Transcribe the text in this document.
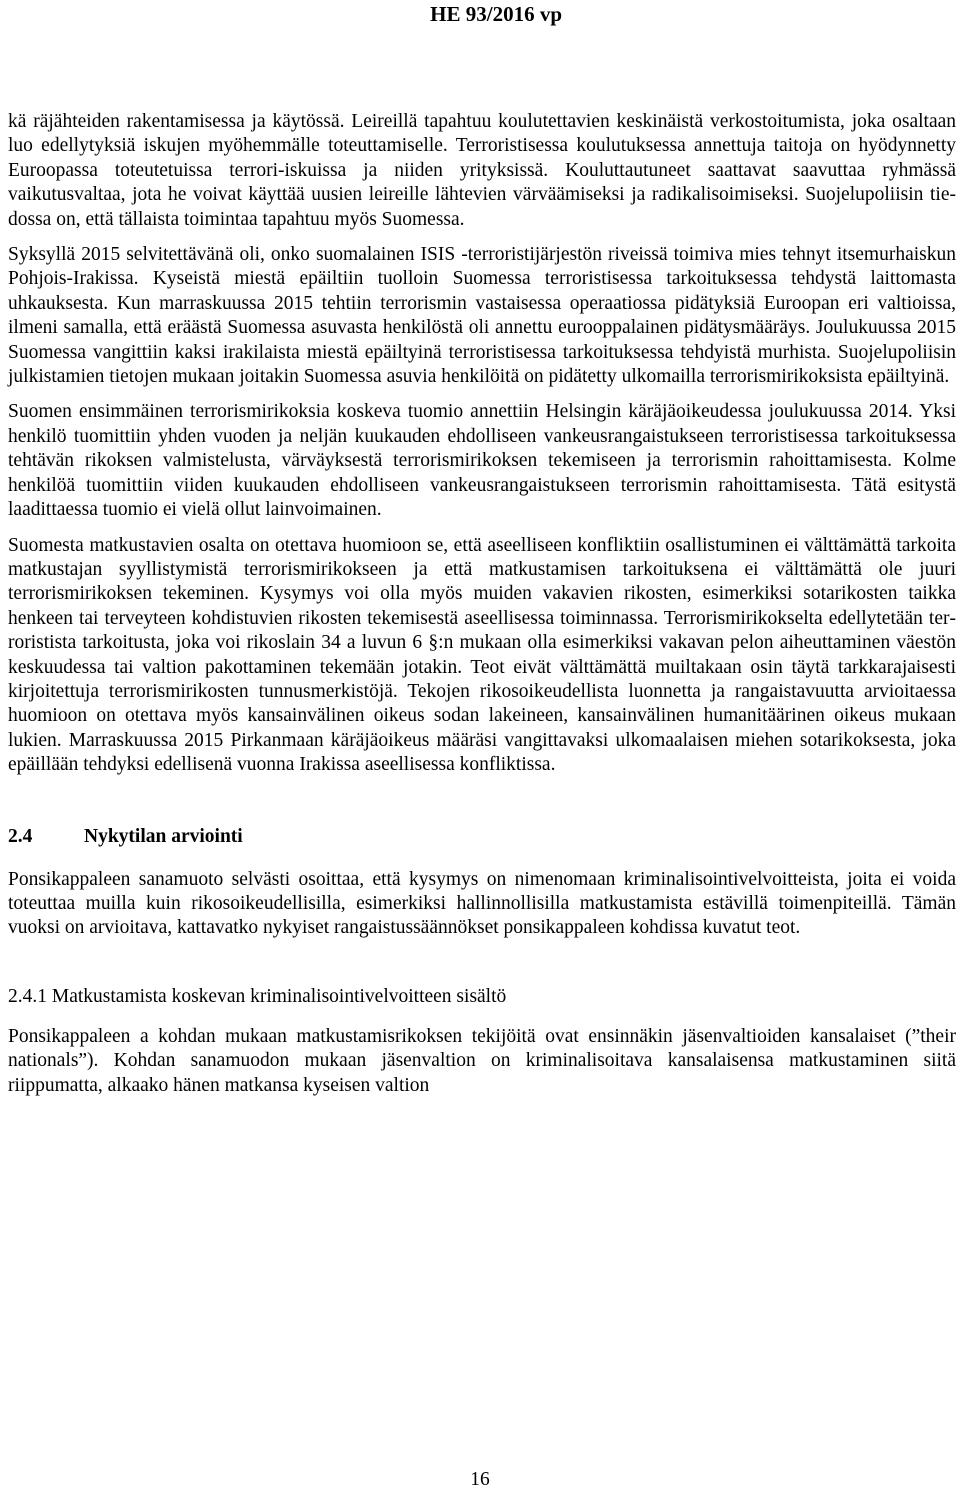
HE 93/2016 vp

kä räjähteiden rakentamisessa ja käytössä. Leireillä tapahtuu koulutettavien keskinäistä verkostoitumista, joka osaltaan luo edellytyksiä iskujen myöhemmälle toteuttamiselle. Terroristisessa koulutuksessa annettuja taitoja on hyödynnetty Euroopassa toteutetuissa terrori-iskuissa ja niiden yrityksissä. Kouluttautuneet saattavat saavuttaa ryhmässä vaikutusvaltaa, jota he voivat käyttää uusien leireille lähtevien värväämiseksi ja radikalisoimiseksi. Suojelupoliisin tiedossa on, että tällaista toimintaa tapahtuu myös Suomessa.

Syksyllä 2015 selvitettävänä oli, onko suomalainen ISIS -terroristijärjestön riveissä toimiva mies tehnyt itsemurhaiskun Pohjois-Irakissa. Kyseistä miestä epäiltiin tuolloin Suomessa terroristisessa tarkoituksessa tehdystä laittomasta uhkauksesta. Kun marraskuussa 2015 tehtiin terrorismin vastaisessa operaatiossa pidätyksiä Euroopan eri valtioissa, ilmeni samalla, että eräästä Suomessa asuvasta henkilöstä oli annettu eurooppalainen pidätysmääräys. Joulukuussa 2015 Suomessa vangittiin kaksi irakilaista miestä epäiltyinä terroristisessa tarkoituksessa tehdyistä murhista. Suojelupoliisin julkistamien tietojen mukaan joitakin Suomessa asuvia henkilöitä on pidätetty ulkomailla terrorismirikoksista epäiltyinä.

Suomen ensimmäinen terrorismirikoksia koskeva tuomio annettiin Helsingin käräjäoikeudessa joulukuussa 2014. Yksi henkilö tuomittiin yhden vuoden ja neljän kuukauden ehdolliseen vankeusrangaistukseen terroristisessa tarkoituksessa tehtävän rikoksen valmistelusta, värväyksestä terrorismirikoksen tekemiseen ja terrorismin rahoittamisesta. Kolme henkilöä tuomittiin viiden kuukauden ehdolliseen vankeusrangaistukseen terrorismin rahoittamisesta. Tätä esitystä laadittaessa tuomio ei vielä ollut lainvoimainen.

Suomesta matkustavien osalta on otettava huomioon se, että aseelliseen konfliktiin osallistuminen ei välttämättä tarkoita matkustajan syyllistymistä terrorismirikokseen ja että matkustamisen tarkoituksena ei välttämättä ole juuri terrorismirikoksen tekeminen. Kysymys voi olla myös muiden vakavien rikosten, esimerkiksi sotarikosten taikka henkeen tai terveyteen kohdistuvien rikosten tekemisestä aseellisessa toiminnassa. Terrorismirikokselta edellytetään terroristista tarkoitusta, joka voi rikoslain 34 a luvun 6 §:n mukaan olla esimerkiksi vakavan pelon aiheuttaminen väestön keskuudessa tai valtion pakottaminen tekemään jotakin. Teot eivät välttämättä muiltakaan osin täytä tarkkarajaisesti kirjoitettuja terrorismirikosten tunnusmerkistöjä. Tekojen rikosoikeudellista luonnetta ja rangaistavuutta arvioitaessa huomioon on otettava myös kansainvälinen oikeus sodan lakeineen, kansainvälinen humanitäärinen oikeus mukaan lukien. Marraskuussa 2015 Pirkanmaan käräjäoikeus määräsi vangittavaksi ulkomaalaisen miehen sotarikoksesta, joka epäillään tehdyksi edellisenä vuonna Irakissa aseellisessa konfliktissa.

2.4	Nykytilan arviointi

Ponsikappaleen sanamuoto selvästi osoittaa, että kysymys on nimenomaan kriminalisointivelvoitteista, joita ei voida toteuttaa muilla kuin rikosoikeudellisilla, esimerkiksi hallinnollisilla matkustamista estävillä toimenpiteillä. Tämän vuoksi on arvioitava, kattavatko nykyiset rangaistussäännökset ponsikappaleen kohdissa kuvatut teot.

2.4.1 Matkustamista koskevan kriminalisointivelvoitteen sisältö

Ponsikappaleen a kohdan mukaan matkustamisrikoksen tekijöitä ovat ensinnäkin jäsenvaltioiden kansalaiset (”their nationals”). Kohdan sanamuodon mukaan jäsenvaltion on kriminalisoitava kansalaisensa matkustaminen siitä riippumatta, alkaako hänen matkansa kyseisen valtion

16
